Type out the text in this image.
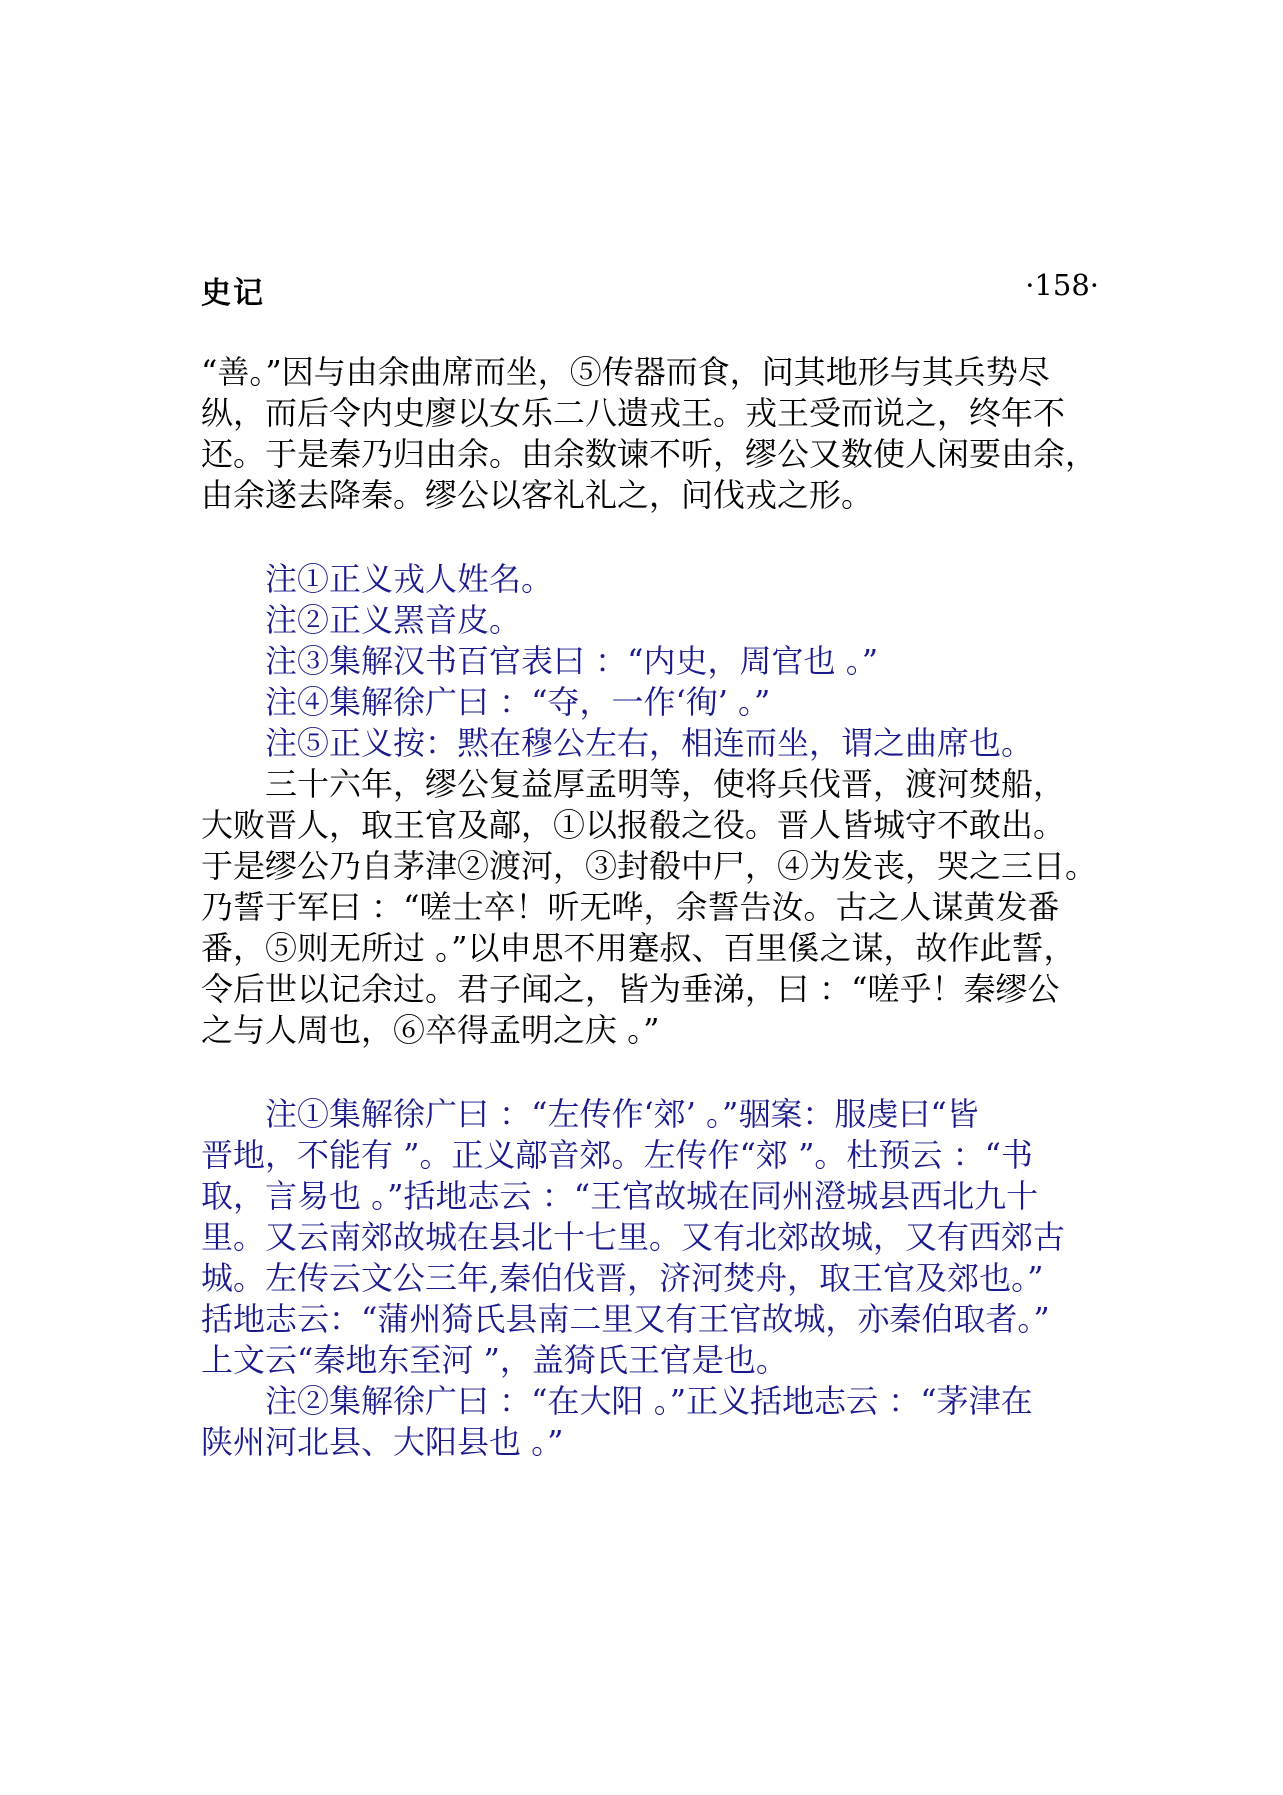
史记	·158·
“善。”因与由余曲席而坐，⑤传器而食，问其地形与其兵势尽
纵，而后令内史廖以女乐二八遗戎王。戎王受而说之，终年不
还。于是秦乃归由余。由余数谏不听，缪公又数使人闲要由余，
由余遂去降秦。缪公以客礼礼之，问伐戎之形。
注①正义戎人姓名。
注②正义罴音皮。
注③集解汉书百官表曰 ：“内史，周官也 。”
注④集解徐广曰 ：“夺，一作‘徇’ 。”
注⑤正义按：黙在穆公左右，相连而坐，谓之曲席也。
三十六年，缪公复益厚孟明等，使将兵伐晋，渡河焚船，
大败晋人，取王官及鄗，①以报殽之役。晋人皆城守不敢出。
于是缪公乃自茅津②渡河，③封殽中尸，④为发丧，哭之三日。
乃誓于军曰 ：“嗟士卒！听无哗，余誓告汝。古之人谋黄发番
番，⑤则无所过 。”以申思不用蹇叔、百里傒之谋，故作此誓，
令后世以记余过。君子闻之，皆为垂涕，曰 ：“嗟乎！秦缪公
之与人周也，⑥卒得孟明之庆 。”
注①集解徐广曰 ：“左传作‘郊’ 。”骃案：服虔曰“皆
晋地，不能有 ”。正义鄗音郊。左传作“郊 ”。杜预云 ：“书
取，言易也 。”括地志云 ：“王官故城在同州澄城县西北九十
里。又云南郊故城在县北十七里。又有北郊故城，又有西郊古
城。左传云文公三年,秦伯伐晋，济河焚舟，取王官及郊也。”
括地志云：“蒲州猗氏县南二里又有王官故城，亦秦伯取者。”
上文云“秦地东至河 ”，盖猗氏王官是也。
注②集解徐广曰 ：“在大阳 。”正义括地志云 ：“茅津在
陕州河北县、大阳县也 。”
